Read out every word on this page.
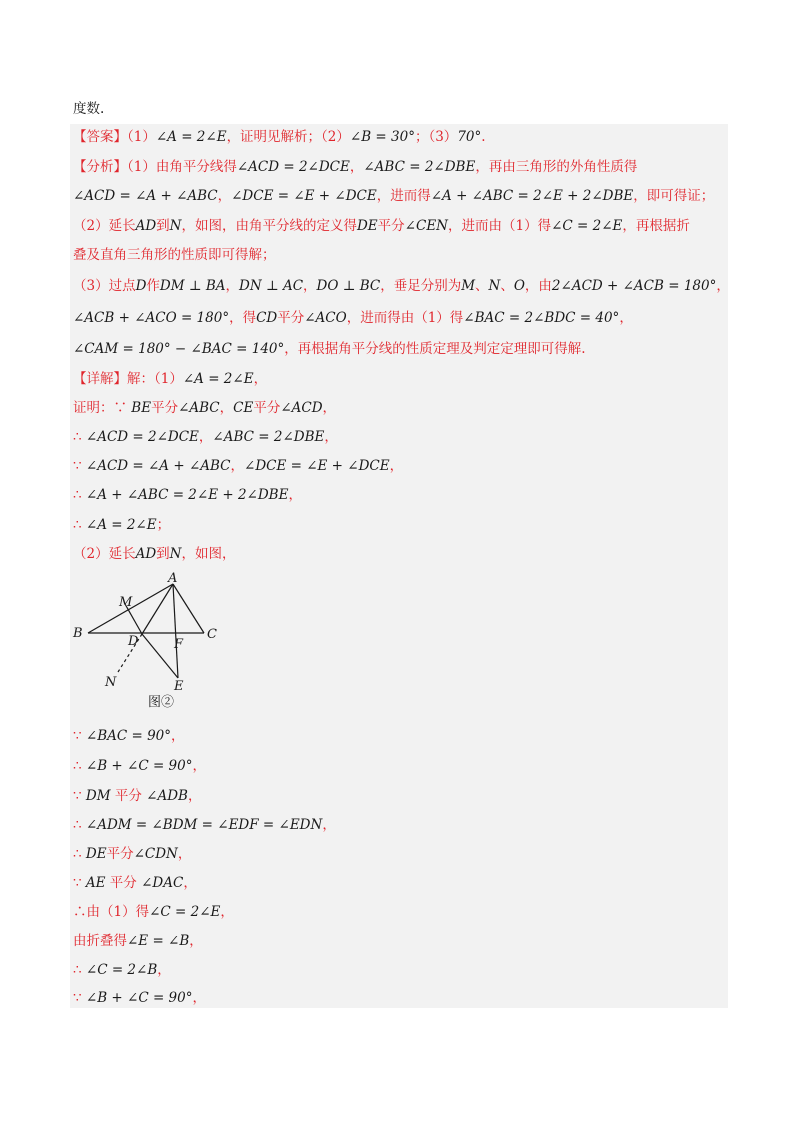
度数.
【答案】（1）∠A = 2∠E，证明见解析；（2）∠B = 30°；（3）70°.
【分析】（1）由角平分线得∠ACD = 2∠DCE，∠ABC = 2∠DBE，再由三角形的外角性质得
∠ACD = ∠A + ∠ABC，∠DCE = ∠E + ∠DCE，进而得∠A + ∠ABC = 2∠E + 2∠DBE，即可得证；
（2）延长AD到N，如图，由角平分线的定义得DE平分∠CEN，进而由（1）得∠C = 2∠E，再根据折
叠及直角三角形的性质即可得解；
（3）过点D作DM ⊥ BA，DN ⊥ AC，DO ⊥ BC，垂足分别为M、N、O，由2∠ACD + ∠ACB = 180°，
∠ACB + ∠ACO = 180°，得CD平分∠ACO，进而得由（1）得∠BAC = 2∠BDC = 40°，
∠CAM = 180° − ∠BAC = 140°，再根据角平分线的性质定理及判定定理即可得解.
【详解】解：（1）∠A = 2∠E，
证明：∵ BE平分∠ABC，CE平分∠ACD，
∴ ∠ACD = 2∠DCE，∠ABC = 2∠DBE，
∵ ∠ACD = ∠A + ∠ABC，∠DCE = ∠E + ∠DCE，
∴ ∠A + ∠ABC = 2∠E + 2∠DBE，
∴ ∠A = 2∠E；
（2）延长AD到N，如图，
A
M
B
D	F
C
N	E
图②
∵ ∠BAC = 90°，
∴ ∠B + ∠C = 90°，
∵ DM 平分 ∠ADB，
∴ ∠ADM = ∠BDM = ∠EDF = ∠EDN，
∴ DE平分∠CDN，
∵ AE 平分 ∠DAC，
∴由（1）得∠C = 2∠E，
由折叠得∠E = ∠B，
∴ ∠C = 2∠B，
∵ ∠B + ∠C = 90°，
